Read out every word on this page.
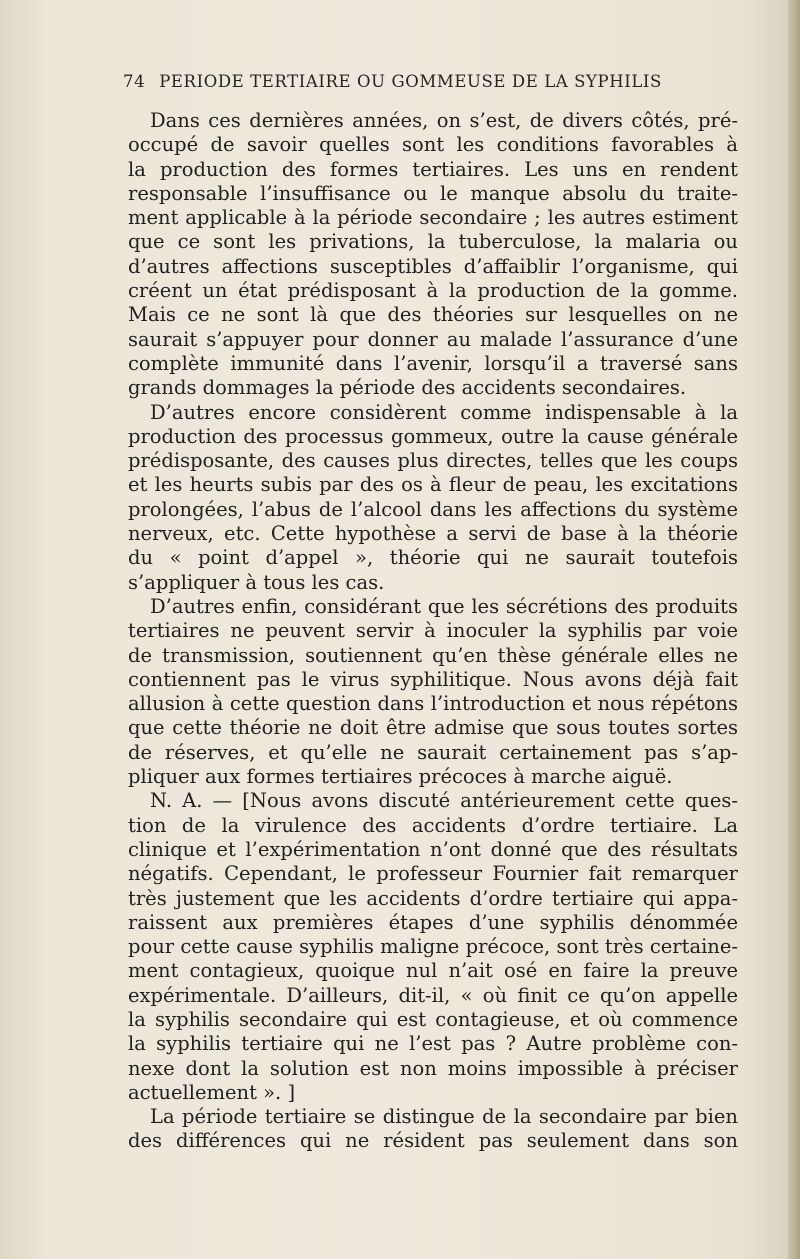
74 PERIODE TERTIAIRE OU GOMMEUSE DE LA SYPHILIS
Dans ces dernières années, on s’est, de divers côtés, pré-
occupé de savoir quelles sont les conditions favorables à
la production des formes tertiaires. Les uns en rendent
responsable l’insuffisance ou le manque absolu du traite-
ment applicable à la période secondaire ; les autres estiment
que ce sont les privations, la tuberculose, la malaria ou
d’autres affections susceptibles d’affaiblir l’organisme, qui
créent un état prédisposant à la production de la gomme.
Mais ce ne sont là que des théories sur lesquelles on ne
saurait s’appuyer pour donner au malade l’assurance d’une
complète immunité dans l’avenir, lorsqu’il a traversé sans
grands dommages la période des accidents secondaires.
D’autres encore considèrent comme indispensable à la
production des processus gommeux, outre la cause générale
prédisposante, des causes plus directes, telles que les coups
et les heurts subis par des os à fleur de peau, les excitations
prolongées, l’abus de l’alcool dans les affections du système
nerveux, etc. Cette hypothèse a servi de base à la théorie
du « point d’appel », théorie qui ne saurait toutefois
s’appliquer à tous les cas.
D’autres enfin, considérant que les sécrétions des produits
tertiaires ne peuvent servir à inoculer la syphilis par voie
de transmission, soutiennent qu’en thèse générale elles ne
contiennent pas le virus syphilitique. Nous avons déjà fait
allusion à cette question dans l’introduction et nous répétons
que cette théorie ne doit être admise que sous toutes sortes
de réserves, et qu’elle ne saurait certainement pas s’ap-
pliquer aux formes tertiaires précoces à marche aiguë.
N. A. — [Nous avons discuté antérieurement cette ques-
tion de la virulence des accidents d’ordre tertiaire. La
clinique et l’expérimentation n’ont donné que des résultats
négatifs. Cependant, le professeur Fournier fait remarquer
très justement que les accidents d’ordre tertiaire qui appa-
raissent aux premières étapes d’une syphilis dénommée
pour cette cause syphilis maligne précoce, sont très certaine-
ment contagieux, quoique nul n’ait osé en faire la preuve
expérimentale. D’ailleurs, dit-il, « où finit ce qu’on appelle
la syphilis secondaire qui est contagieuse, et où commence
la syphilis tertiaire qui ne l’est pas ? Autre problème con-
nexe dont la solution est non moins impossible à préciser
actuellement ». ]
La période tertiaire se distingue de la secondaire par bien
des différences qui ne résident pas seulement dans son
